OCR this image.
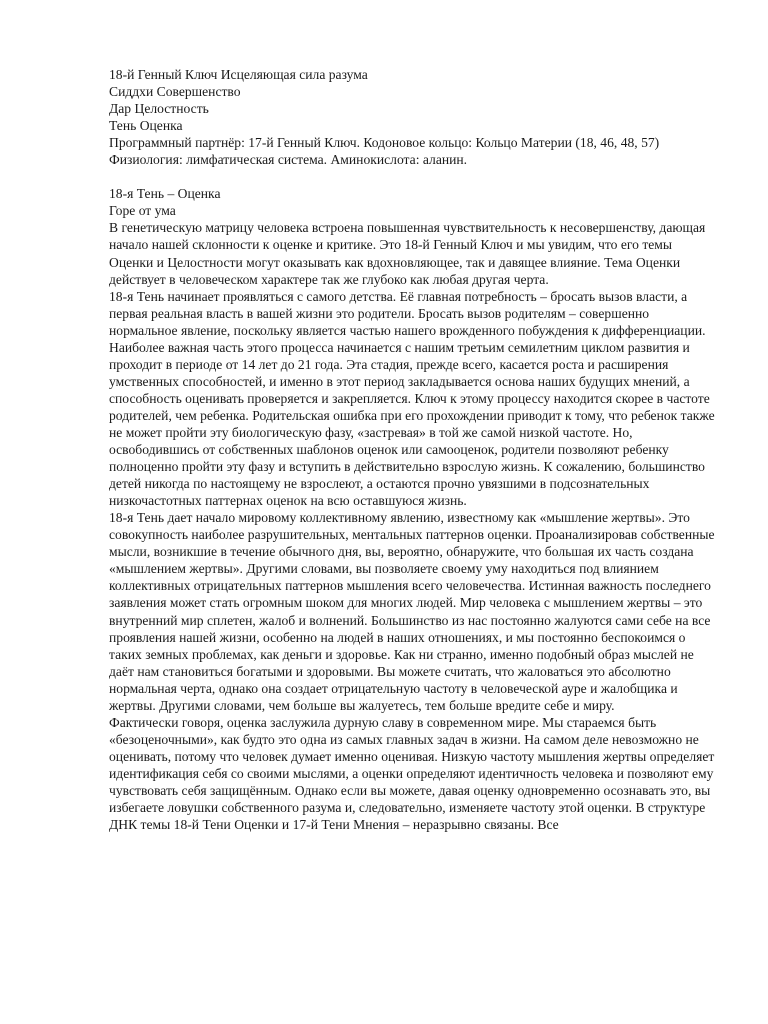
18-й Генный Ключ Исцеляющая сила разума
Сиддхи Совершенство
Дар Целостность
Тень Оценка
Программный партнёр: 17-й Генный Ключ. Кодоновое кольцо: Кольцо Материи (18, 46, 48, 57)
Физиология: лимфатическая система. Аминокислота: аланин.
18-я Тень – Оценка
Горе от ума

В генетическую матрицу человека встроена повышенная чувствительность к несовершенству, дающая начало нашей склонности к оценке и критике. Это 18-й Генный Ключ и мы увидим, что его темы Оценки и Целостности могут оказывать как вдохновляющее, так и давящее влияние. Тема Оценки действует в человеческом характере так же глубоко как любая другая черта.

18-я Тень начинает проявляться с самого детства. Её главная потребность – бросать вызов власти, а первая реальная власть в вашей жизни это родители. Бросать вызов родителям – совершенно нормальное явление, поскольку является частью нашего врожденного побуждения к дифференциации. Наиболее важная часть этого процесса начинается с нашим третьим семилетним циклом развития и проходит в периоде от 14 лет до 21 года. Эта стадия, прежде всего, касается роста и расширения умственных способностей, и именно в этот период закладывается основа наших будущих мнений, а способность оценивать проверяется и закрепляется. Ключ к этому процессу находится скорее в частоте родителей, чем ребенка. Родительская ошибка при его прохождении приводит к тому, что ребенок также не может пройти эту биологическую фазу, «застревая» в той же самой низкой частоте. Но, освободившись от собственных шаблонов оценок или самооценок, родители позволяют ребенку полноценно пройти эту фазу и вступить в действительно взрослую жизнь. К сожалению, большинство детей никогда по настоящему не взрослеют, а остаются прочно увязшими в подсознательных низкочастотных паттернах оценок на всю оставшуюся жизнь.

18-я Тень дает начало мировому коллективному явлению, известному как «мышление жертвы». Это совокупность наиболее разрушительных, ментальных паттернов оценки. Проанализировав собственные мысли, возникшие в течение обычного дня, вы, вероятно, обнаружите, что большая их часть создана «мышлением жертвы». Другими словами, вы позволяете своему уму находиться под влиянием коллективных отрицательных паттернов мышления всего человечества. Истинная важность последнего заявления может стать огромным шоком для многих людей. Мир человека с мышлением жертвы – это внутренний мир сплетен, жалоб и волнений. Большинство из нас постоянно жалуются сами себе на все проявления нашей жизни, особенно на людей в наших отношениях, и мы постоянно беспокоимся о таких земных проблемах, как деньги и здоровье. Как ни странно, именно подобный образ мыслей не даёт нам становиться богатыми и здоровыми. Вы можете считать, что жаловаться это абсолютно нормальная черта, однако она создает отрицательную частоту в человеческой ауре и жалобщика и жертвы. Другими словами, чем больше вы жалуетесь, тем больше вредите себе и миру.

Фактически говоря, оценка заслужила дурную славу в современном мире. Мы стараемся быть «безоценочными», как будто это одна из самых главных задач в жизни. На самом деле невозможно не оценивать, потому что человек думает именно оценивая. Низкую частоту мышления жертвы определяет идентификация себя со своими мыслями, а оценки определяют идентичность человека и позволяют ему чувствовать себя защищённым. Однако если вы можете, давая оценку одновременно осознавать это, вы избегаете ловушки собственного разума и, следовательно, изменяете частоту этой оценки. В структуре ДНК темы 18-й Тени Оценки и 17-й Тени Мнения – неразрывно связаны. Все
